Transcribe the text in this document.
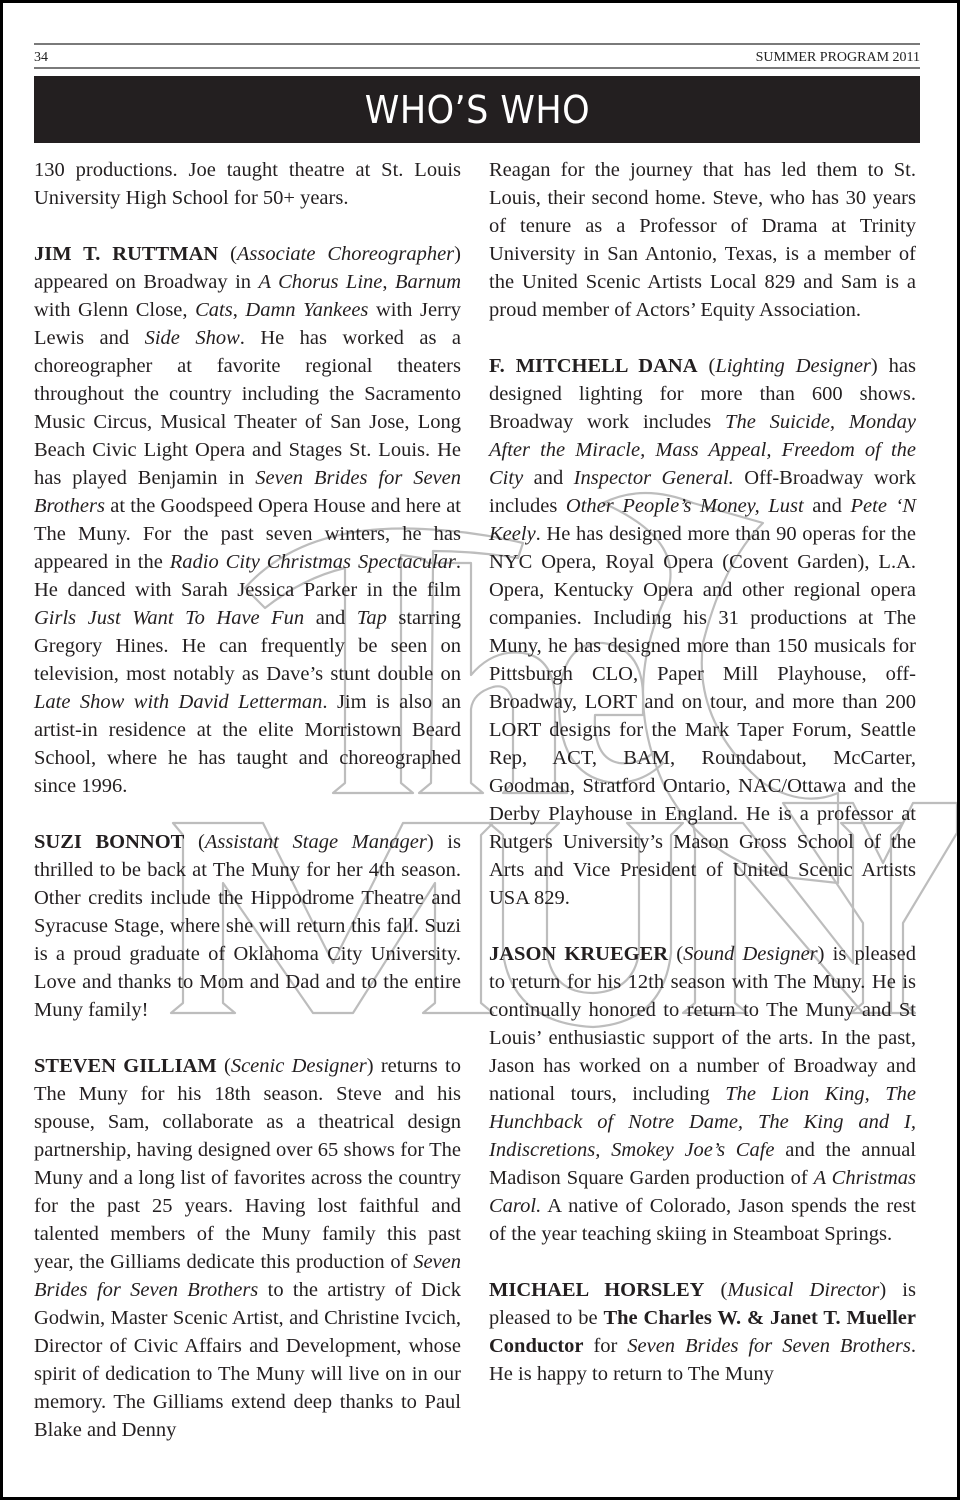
34	SUMMER PROGRAM 2011
WHO’S WHO

130 productions. Joe taught theatre at St. Louis University High School for 50+ years.

JIM T. RUTTMAN (Associate Choreographer) appeared on Broadway in A Chorus Line, Barnum with Glenn Close, Cats, Damn Yankees with Jerry Lewis and Side Show. He has worked as a choreographer at favorite regional theaters throughout the country including the Sacramento Music Circus, Musical Theater of San Jose, Long Beach Civic Light Opera and Stages St. Louis. He has played Benjamin in Seven Brides for Seven Brothers at the Goodspeed Opera House and here at The Muny. For the past seven winters, he has appeared in the Radio City Christmas Spectacular. He danced with Sarah Jessica Parker in the film Girls Just Want To Have Fun and Tap starring Gregory Hines. He can frequently be seen on television, most notably as Dave’s stunt double on Late Show with David Letterman. Jim is also an artist-in residence at the elite Morristown Beard School, where he has taught and choreographed since 1996.

SUZI BONNOT (Assistant Stage Manager) is thrilled to be back at The Muny for her 4th season. Other credits include the Hippodrome Theatre and Syracuse Stage, where she will return this fall. Suzi is a proud graduate of Oklahoma City University. Love and thanks to Mom and Dad and to the entire Muny family!

STEVEN GILLIAM (Scenic Designer) returns to The Muny for his 18th season. Steve and his spouse, Sam, collaborate as a theatrical design partnership, having designed over 65 shows for The Muny and a long list of favorites across the country for the past 25 years. Having lost faithful and talented members of the Muny family this past year, the Gilliams dedicate this production of Seven Brides for Seven Brothers to the artistry of Dick Godwin, Master Scenic Artist, and Christine Ivcich, Director of Civic Affairs and Development, whose spirit of dedication to The Muny will live on in our memory. The Gilliams extend deep thanks to Paul Blake and Denny

Reagan for the journey that has led them to St. Louis, their second home. Steve, who has 30 years of tenure as a Professor of Drama at Trinity University in San Antonio, Texas, is a member of the United Scenic Artists Local 829 and Sam is a proud member of Actors’ Equity Association.

F. MITCHELL DANA (Lighting Designer) has designed lighting for more than 600 shows. Broadway work includes The Suicide, Monday After the Miracle, Mass Appeal, Freedom of the City and Inspector General. Off-Broadway work includes Other People’s Money, Lust and Pete ‘N Keely. He has designed more than 90 operas for the NYC Opera, Royal Opera (Covent Garden), L.A. Opera, Kentucky Opera and other regional opera companies. Including his 31 productions at The Muny, he has designed more than 150 musicals for Pittsburgh CLO, Paper Mill Playhouse, off-Broadway, LORT and on tour, and more than 200 LORT designs for the Mark Taper Forum, Seattle Rep, ACT, BAM, Roundabout, McCarter, Goodman, Stratford Ontario, NAC/Ottawa and the Derby Playhouse in England. He is a professor at Rutgers University’s Mason Gross School of the Arts and Vice President of United Scenic Artists USA 829.

JASON KRUEGER (Sound Designer) is pleased to return for his 12th season with The Muny. He is continually honored to return to The Muny and St Louis’ enthusiastic support of the arts. In the past, Jason has worked on a number of Broadway and national tours, including The Lion King, The Hunchback of Notre Dame, The King and I, Indiscretions, Smokey Joe’s Cafe and the annual Madison Square Garden production of A Christmas Carol. A native of Colorado, Jason spends the rest of the year teaching skiing in Steamboat Springs.

MICHAEL HORSLEY (Musical Director) is pleased to be The Charles W. & Janet T. Mueller Conductor for Seven Brides for Seven Brothers. He is happy to return to The Muny
